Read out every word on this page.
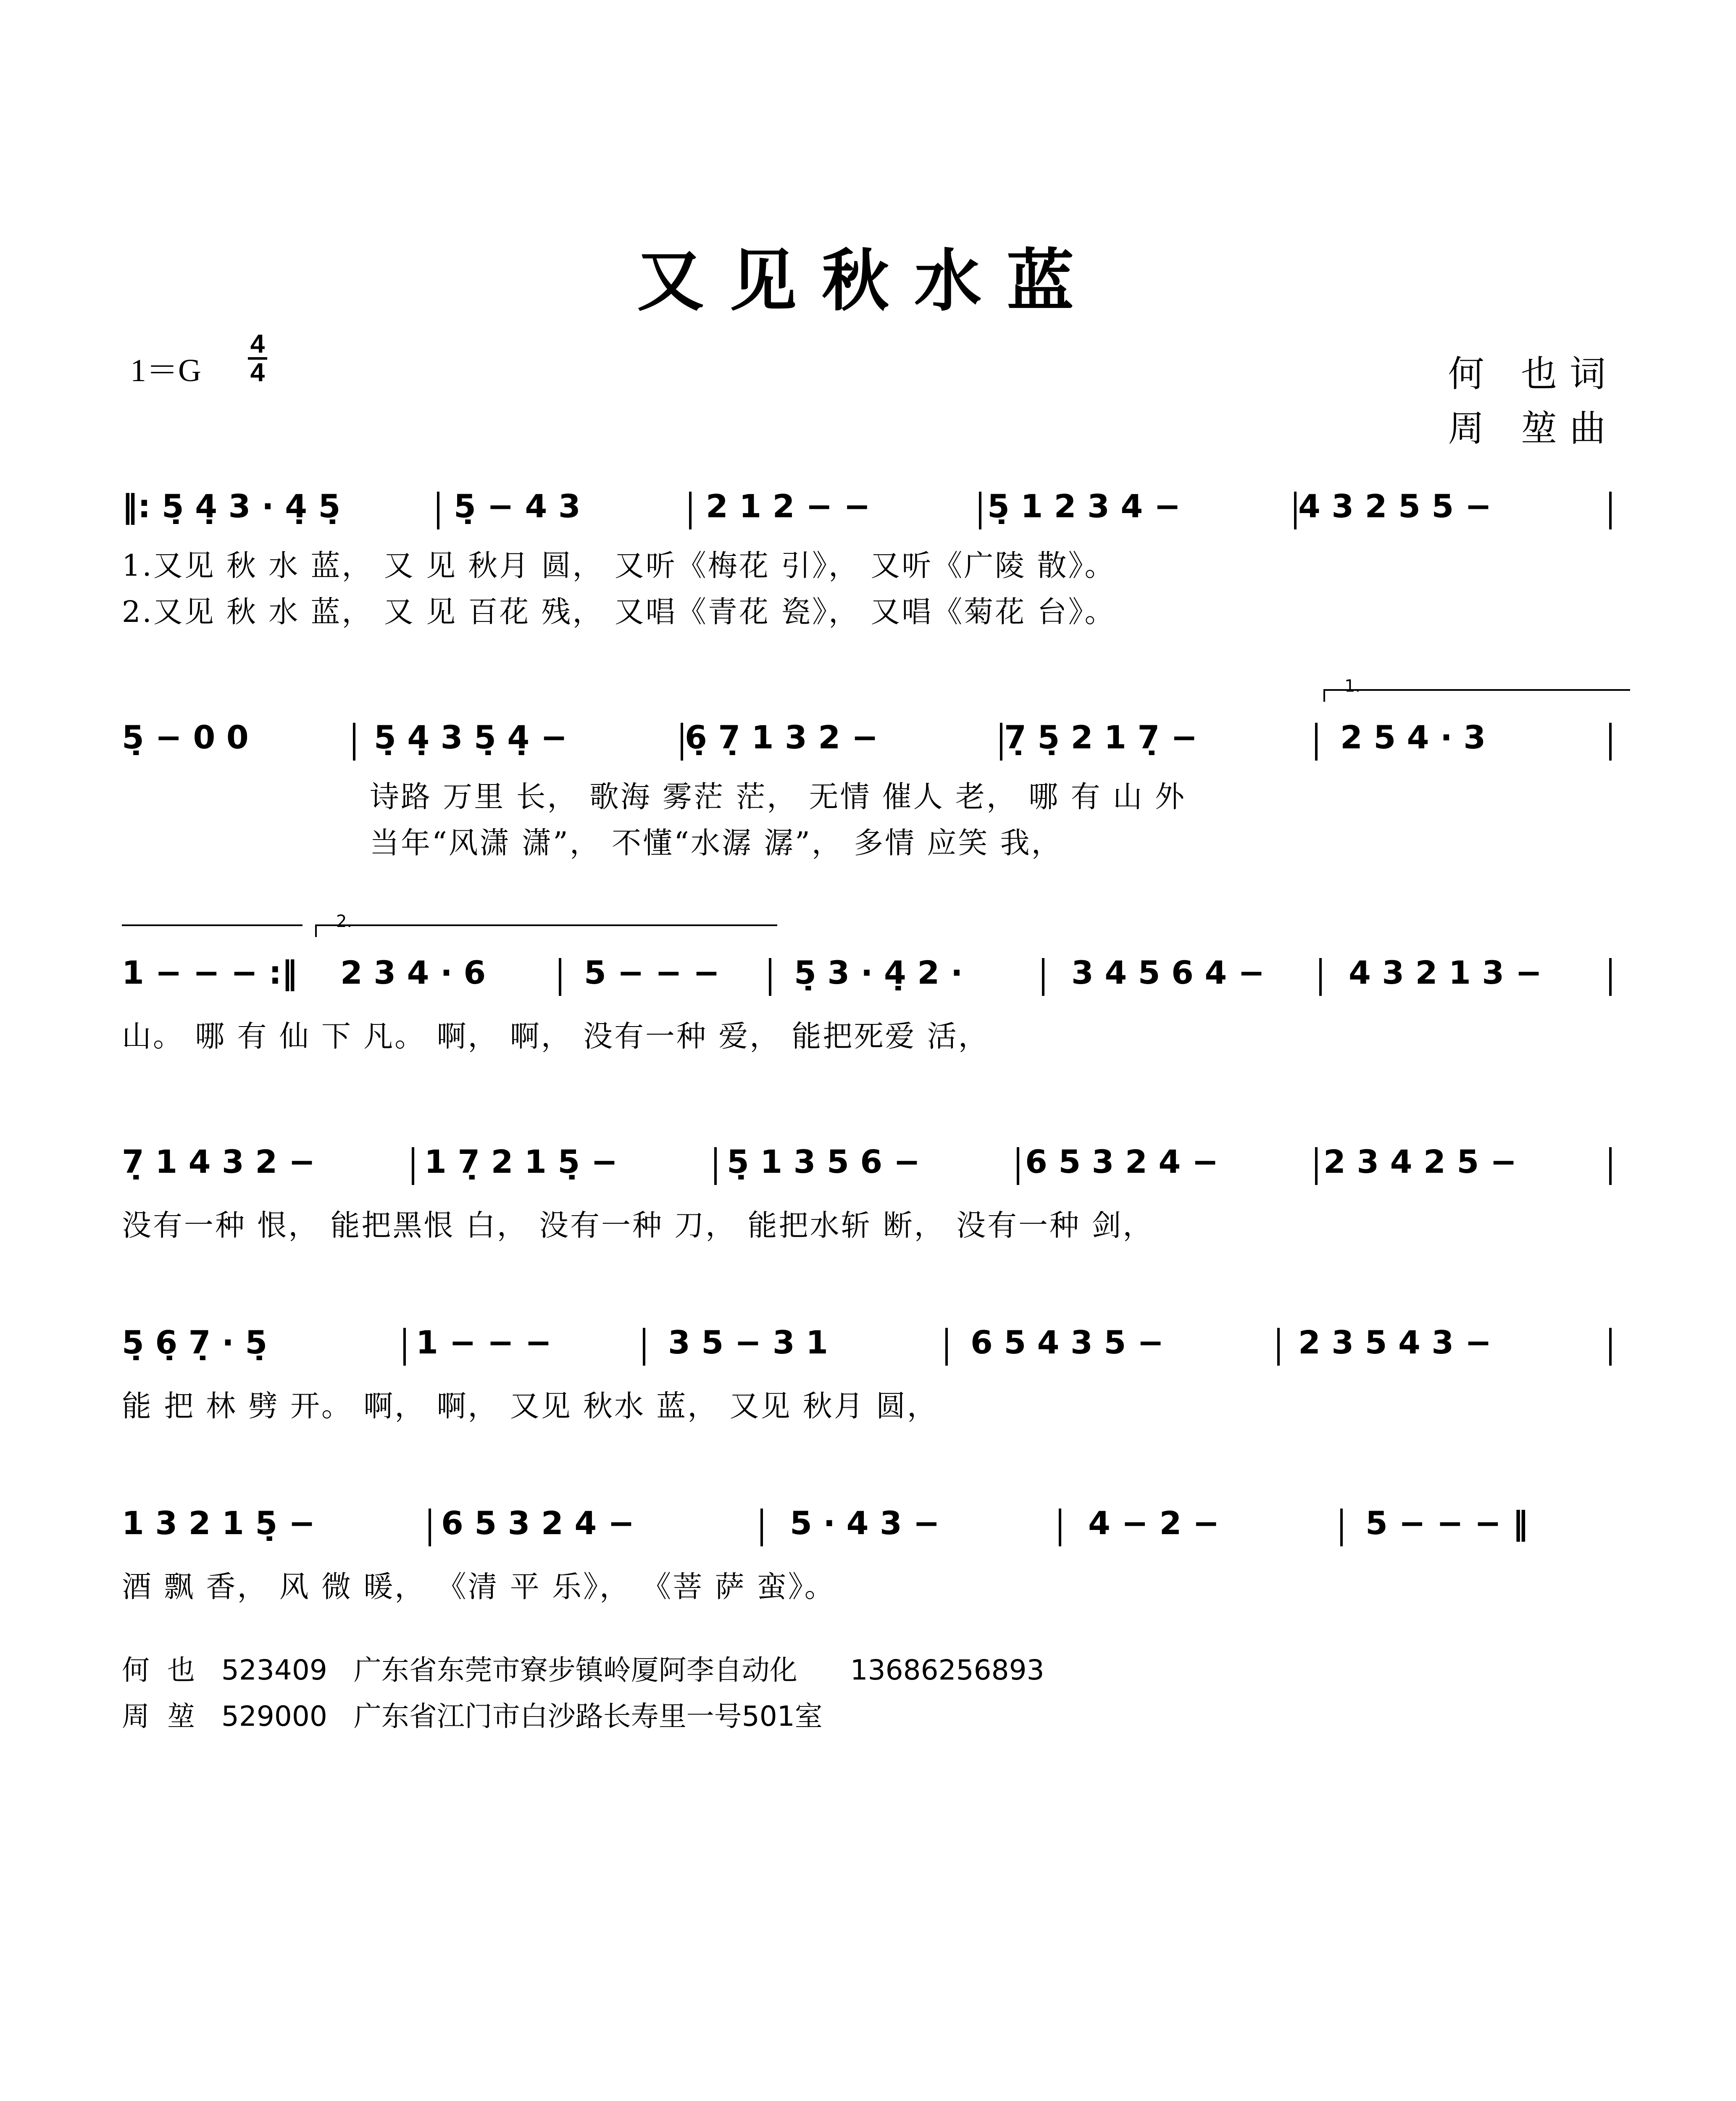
又见秋水蓝
1＝G
4
4	何 也词
周 堃曲
‖: 5̣ 4̣ 3 · 4̣ 5̣	5̣ − 4 3	2 1 2 − −	5̣ 1 2 3 4 −	4 3 2 5 5 −
1.又见 秋 水 蓝， 又 见 秋月 圆， 又听《梅花 引》， 又听《广陵 散》。
2.又见 秋 水 蓝， 又 见 百花 残， 又唱《青花 瓷》， 又唱《菊花 台》。
1.
5̣ − 0 0	5̣ 4̣ 3 5̣ 4̣ −	6̣ 7̣ 1 3 2 −	7̣ 5̣ 2 1 7̣ −	2 5 4 · 3
诗路 万里 长， 歌海 雾茫 茫， 无情 催人 老， 哪 有 山 外
当年“风潇 潇”， 不懂“水潺 潺”， 多情 应笑 我，
2.
1 − − − :‖ 2 3 4 · 6	5 − − − 5̣ 3 · 4̣ 2 ·	3 4 5 6 4 −	4 3 2 1 3 −
山。 哪 有 仙 下 凡。 啊， 啊， 没有一种 爱， 能把死爱 活，
7̣ 1 4 3 2 −	1 7̣ 2 1 5̣ −	5̣ 1 3 5 6 −	6 5 3 2 4 −	2 3 4 2 5 −
没有一种 恨， 能把黑恨 白， 没有一种 刀， 能把水斩 断， 没有一种 剑，
5̣ 6̣ 7̣ · 5̣	1 − − −	3 5 − 3 1	6 5 4 3 5 −	2 3 5 4 3 −
能 把 林 劈 开。 啊， 啊， 又见 秋水 蓝， 又见 秋月 圆，
1 3 2 1 5̣ −	6 5 3 2 4 −	5 · 4 3 −	4 − 2 −	5 − − − ‖
酒 飘 香， 风 微 暖， 《清 平 乐》， 《菩 萨 蛮》。
何  也   523409   广东省东莞市寮步镇岭厦阿李自动化      13686256893
周  堃   529000   广东省江门市白沙路长寿里一号501室
